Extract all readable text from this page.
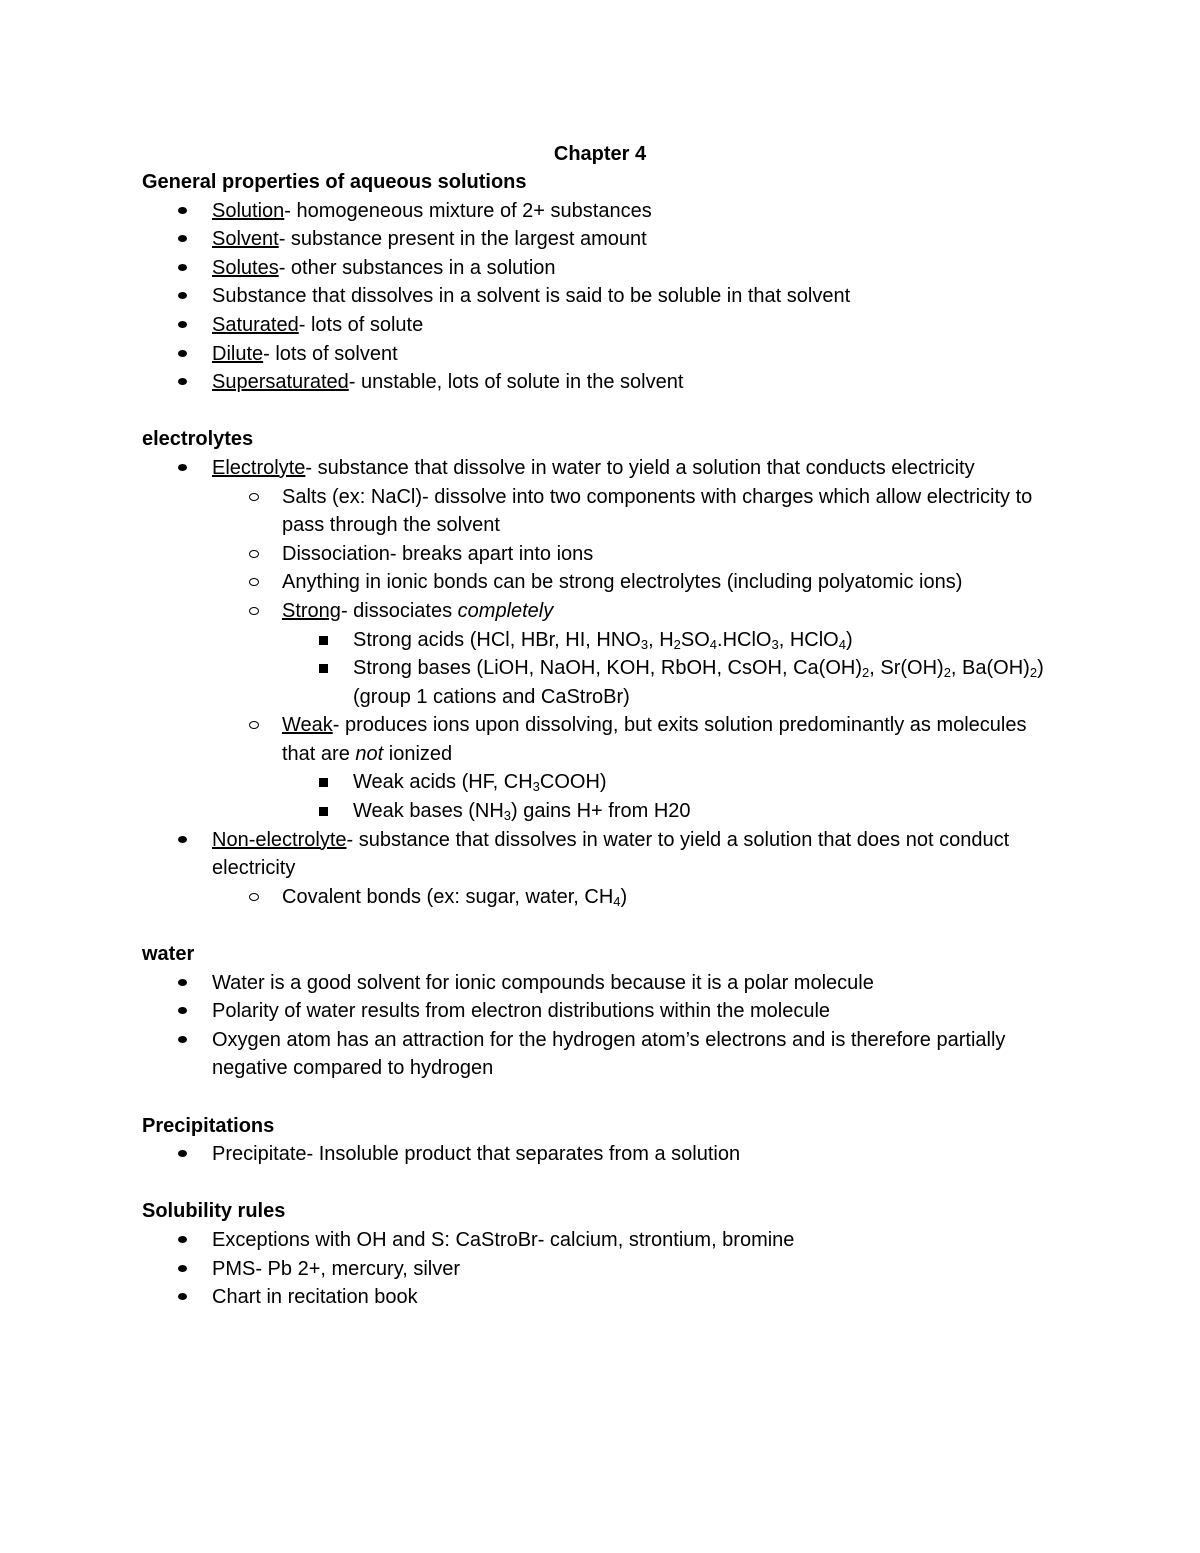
Chapter 4
General properties of aqueous solutions
Solution- homogeneous mixture of 2+ substances
Solvent- substance present in the largest amount
Solutes- other substances in a solution
Substance that dissolves in a solvent is said to be soluble in that solvent
Saturated- lots of solute
Dilute- lots of solvent
Supersaturated- unstable, lots of solute in the solvent
electrolytes
Electrolyte- substance that dissolve in water to yield a solution that conducts electricity
Salts (ex: NaCl)- dissolve into two components with charges which allow electricity to pass through the solvent
Dissociation- breaks apart into ions
Anything in ionic bonds can be strong electrolytes (including polyatomic ions)
Strong- dissociates completely
Strong acids (HCl, HBr, HI, $HNO_3$, $H_2SO_4.HClO_3$, HClO$_4$)
Strong bases (LiOH, NaOH, KOH, RbOH, CsOH, $Ca(OH)_2$, $Sr(OH)_2$, $Ba(OH)_2$) (group 1 cations and CaStroBr)
Weak- produces ions upon dissolving, but exits solution predominantly as molecules that are not ionized
Weak acids (HF, $CH_3COOH$)
Weak bases $(NH_3)$ gains H+ from H20
Non-electrolyte- substance that dissolves in water to yield a solution that does not conduct electricity
Covalent bonds (ex: sugar, water, $CH_4$)
water
Water is a good solvent for ionic compounds because it is a polar molecule
Polarity of water results from electron distributions within the molecule
Oxygen atom has an attraction for the hydrogen atom’s electrons and is therefore partially negative compared to hydrogen
Precipitations
Precipitate- Insoluble product that separates from a solution
Solubility rules
Exceptions with OH and S: CaStroBr- calcium, strontium, bromine
PMS- Pb 2+, mercury, silver
Chart in recitation book
